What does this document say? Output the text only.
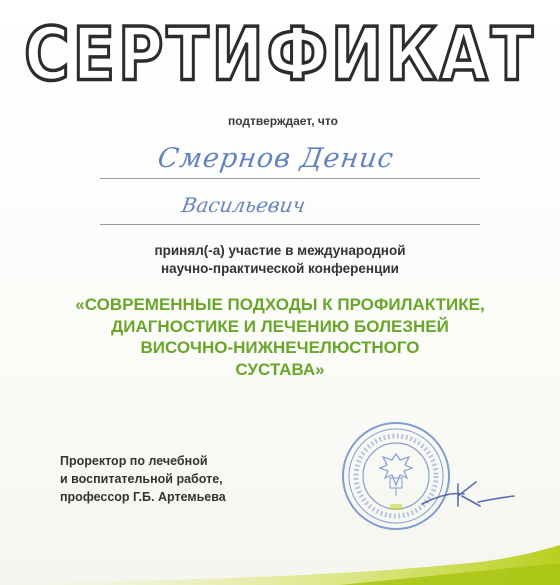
СЕРТИФИКАТ
подтверждает, что
Смернов Денис
Васильевич
принял(-а) участие в международной
научно-практической конференции
«СОВРЕМЕННЫЕ ПОДХОДЫ К ПРОФИЛАКТИКЕ,
ДИАГНОСТИКЕ И ЛЕЧЕНИЮ БОЛЕЗНЕЙ
ВИСОЧНО-НИЖНЕЧЕЛЮСТНОГО
СУСТАВА»
Проректор по лечебной
и воспитательной работе,
профессор Г.Б. Артемьева
